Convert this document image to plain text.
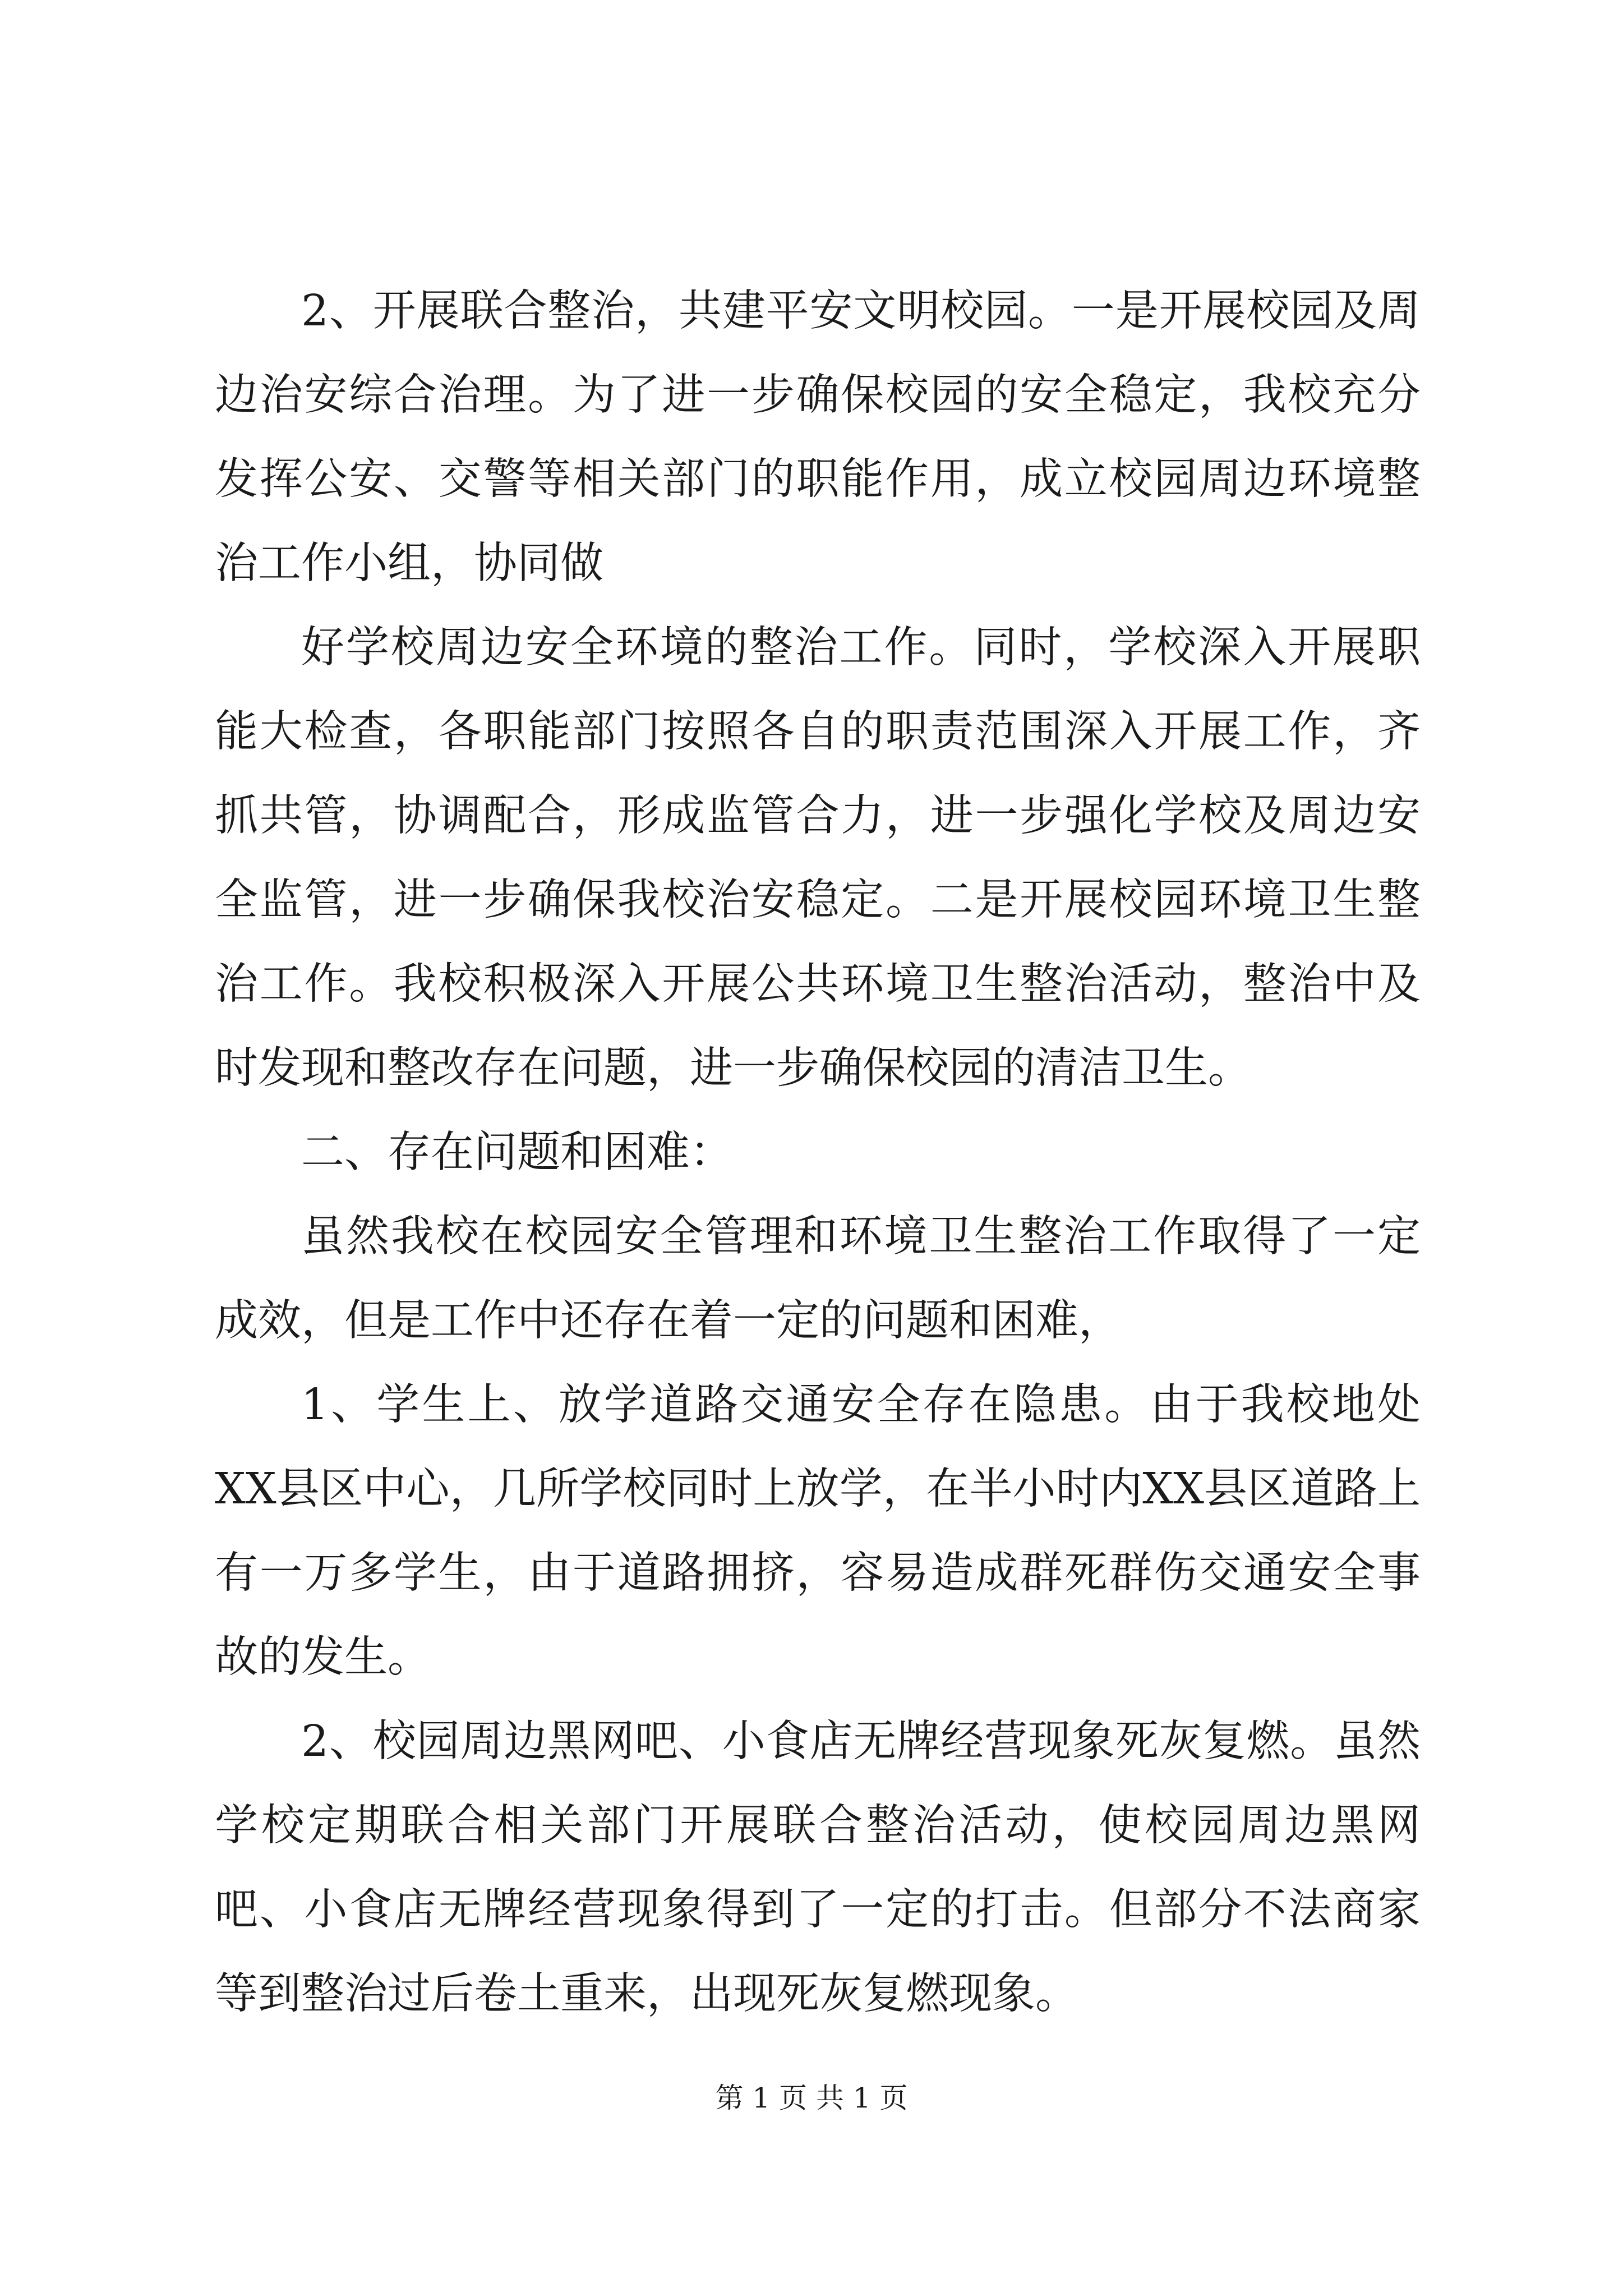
2、开展联合整治，共建平安文明校园。一是开展校园及周边治安综合治理。为了进一步确保校园的安全稳定，我校充分发挥公安、交警等相关部门的职能作用，成立校园周边环境整治工作小组，协同做

好学校周边安全环境的整治工作。同时，学校深入开展职能大检查，各职能部门按照各自的职责范围深入开展工作，齐抓共管，协调配合，形成监管合力，进一步强化学校及周边安全监管，进一步确保我校治安稳定。二是开展校园环境卫生整治工作。我校积极深入开展公共环境卫生整治活动，整治中及时发现和整改存在问题，进一步确保校园的清洁卫生。

二、存在问题和困难：

虽然我校在校园安全管理和环境卫生整治工作取得了一定成效，但是工作中还存在着一定的问题和困难，

1、学生上、放学道路交通安全存在隐患。由于我校地处XX县区中心，几所学校同时上放学，在半小时内XX县区道路上有一万多学生，由于道路拥挤，容易造成群死群伤交通安全事故的发生。

2、校园周边黑网吧、小食店无牌经营现象死灰复燃。虽然学校定期联合相关部门开展联合整治活动，使校园周边黑网吧、小食店无牌经营现象得到了一定的打击。但部分不法商家等到整治过后卷土重来，出现死灰复燃现象。

第 1 页 共 1 页
